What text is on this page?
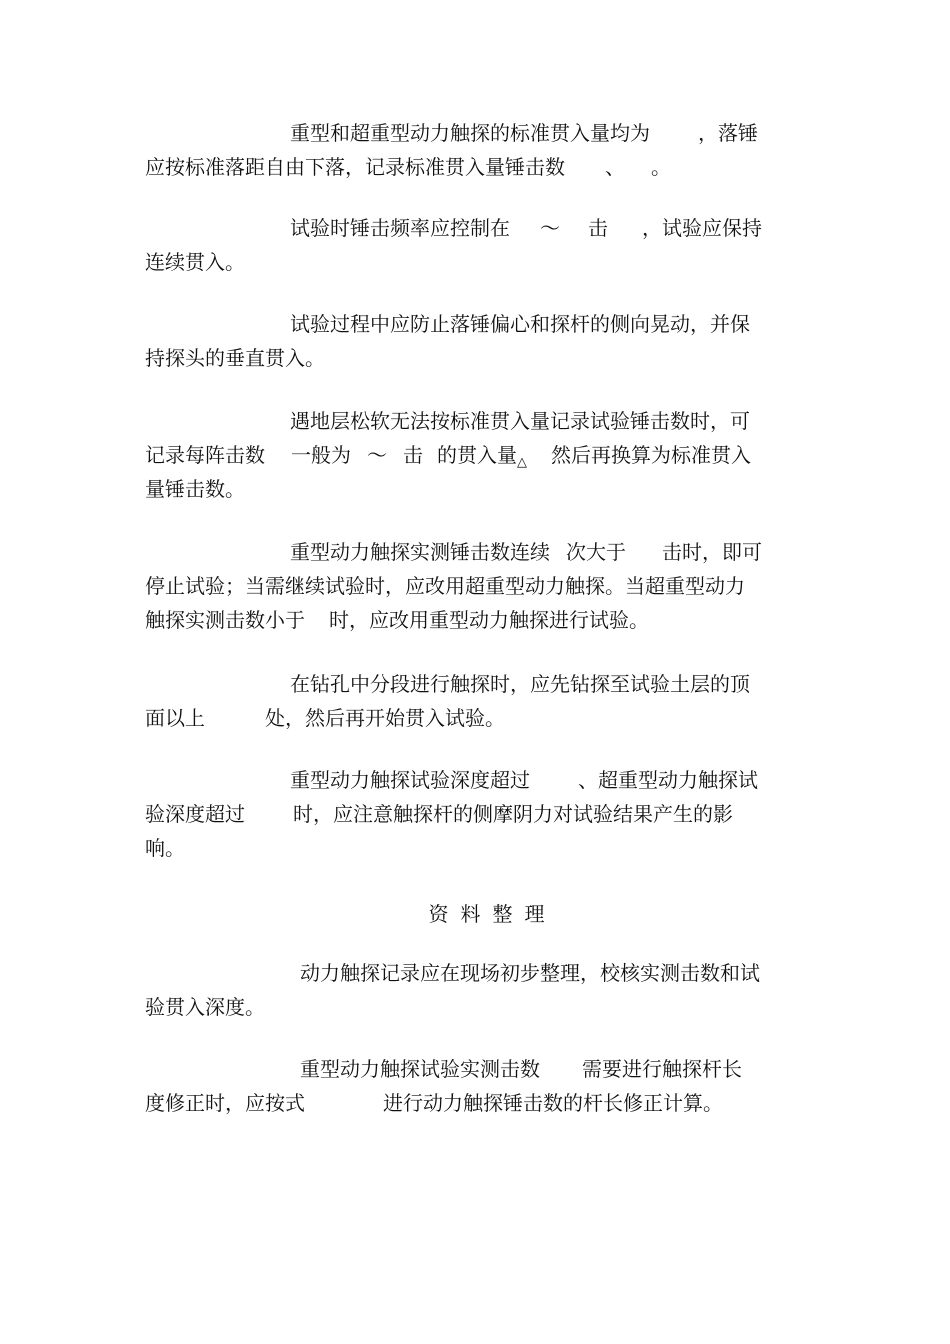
重型和超重型动力触探的标准贯入量均为 ，落锤
应按标准落距自由下落，记录标准贯入量锤击数 、 。
试验时锤击频率应控制在 ～ 击 ，试验应保持
连续贯入。
试验过程中应防止落锤偏心和探杆的侧向晃动，并保
持探头的垂直贯入。
遇地层松软无法按标准贯入量记录试验锤击数时，可
记录每阵击数 一般为 ～ 击 的贯入量$_\triangle$ 然后再换算为标准贯入
量锤击数。
重型动力触探实测锤击数连续 次大于 击时，即可
停止试验；当需继续试验时，应改用超重型动力触探。当超重型动力
触探实测击数小于 时，应改用重型动力触探进行试验。
在钻孔中分段进行触探时，应先钻探至试验土层的顶
面以上	处，然后再开始贯入试验。
重型动力触探试验深度超过 、超重型动力触探试
验深度超过 时，应注意触探杆的侧摩阴力对试验结果产生的影
响。
资料整理
动力触探记录应在现场初步整理，校核实测击数和试
验贯入深度。
重型动力触探试验实测击数 需要进行触探杆长
度修正时，应按式	进行动力触探锤击数的杆长修正计算。
